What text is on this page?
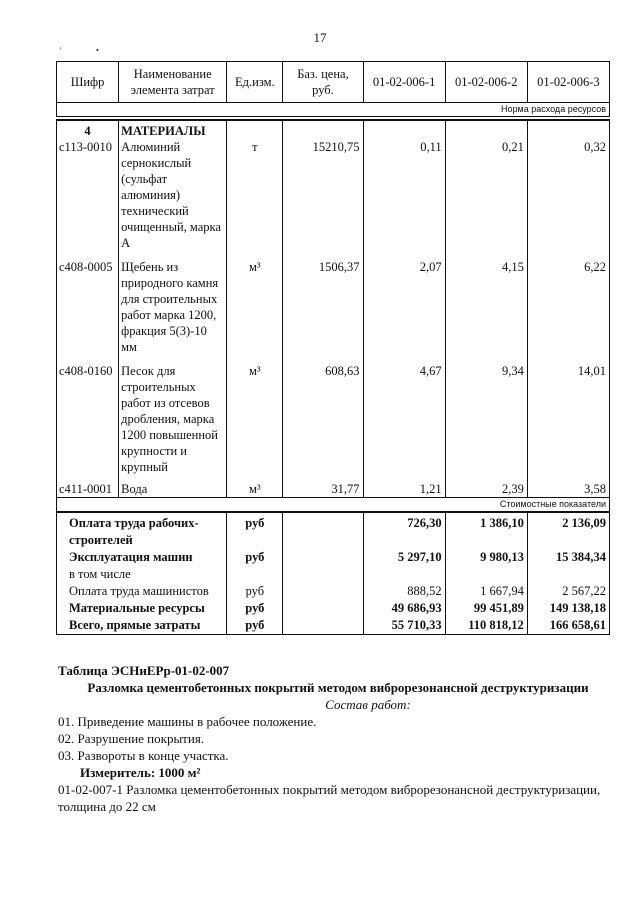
17
'	•
Шифр	Наименование элемента затрат	Ед.изм.	Баз. цена, руб.	01-02-006-1	01-02-006-2	01-02-006-3
Норма расхода ресурсов						

4	МАТЕРИАЛЫ					
с113-0010	Алюминий сернокислый (сульфат алюминия) технический очищенный, марка А	т	15210,75	0,11	0,21	0,32

с408-0005	Щебень из природного камня для строительных работ марка 1200, фракция 5(3)-10 мм	м³	1506,37	2,07	4,15	6,22

с408-0160	Песок для строительных работ из отсевов дробления, марка 1200 повышенной крупности и крупный	м³	608,63	4,67	9,34	14,01

с411-0001	Вода	м³	31,77	1,21	2,39	3,58
Стоимостные показатели						
Оплата труда рабочих-строителей		руб		726,30	1 386,10	2 136,09
Эксплуатация машин		руб		5 297,10	9 980,13	15 384,34
в том числе						
Оплата труда машинистов		руб		888,52	1 667,94	2 567,22
Материальные ресурсы		руб		49 686,93	99 451,89	149 138,18
Всего, прямые затраты		руб		55 710,33	110 818,12	166 658,61
Таблица ЭСНиЕРр-01-02-007
Разломка цементобетонных покрытий методом виброрезонансной деструктуризации
Состав работ:
01. Приведение машины в рабочее положение.
02. Разрушение покрытия.
03. Развороты в конце участка.
Измеритель: 1000 м²
01-02-007-1 Разломка цементобетонных покрытий методом виброрезонансной деструктуризации, толщина до 22 см
